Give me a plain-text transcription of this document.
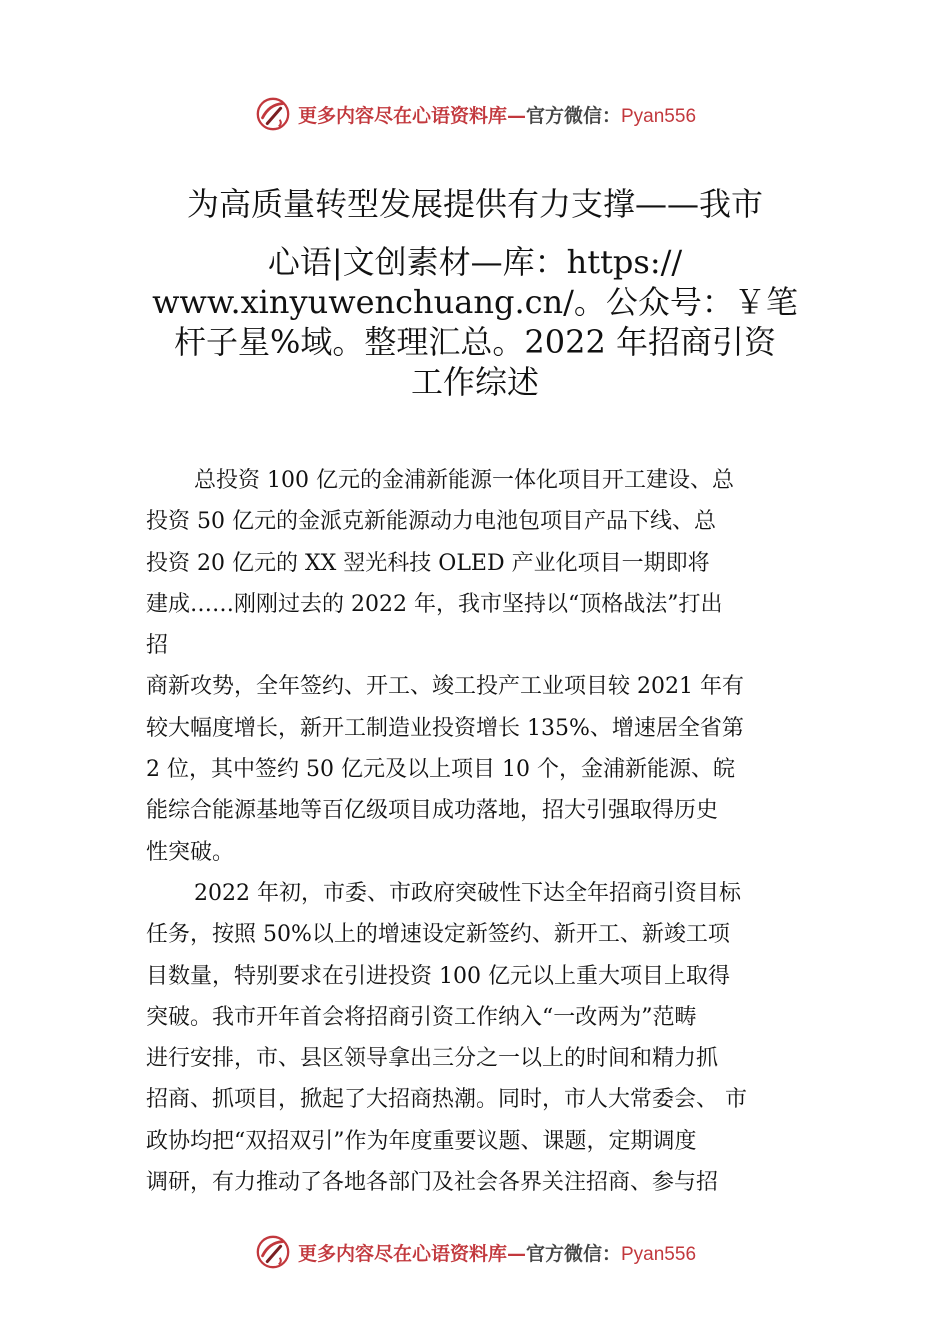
更多内容尽在心语资料库—官方微信：Pyan556
为高质量转型发展提供有力支撑——我市
心语|文创素材—库：https://
www.xinyuwenchuang.cn/。公众号：￥笔
杆子星%域。整理汇总。2022 年招商引资
工作综述
总投资 100 亿元的金浦新能源一体化项目开工建设、总
投资 50 亿元的金派克新能源动力电池包项目产品下线、总
投资 20 亿元的 XX 翌光科技 OLED 产业化项目一期即将
建成……刚刚过去的 2022 年，我市坚持以“顶格战法”打出
招
商新攻势，全年签约、开工、竣工投产工业项目较 2021 年有
较大幅度增长，新开工制造业投资增长 135%、增速居全省第
2 位，其中签约 50 亿元及以上项目 10 个，金浦新能源、皖
能综合能源基地等百亿级项目成功落地，招大引强取得历史
性突破。
2022 年初，市委、市政府突破性下达全年招商引资目标
任务，按照 50%以上的增速设定新签约、新开工、新竣工项
目数量，特别要求在引进投资 100 亿元以上重大项目上取得
突破。我市开年首会将招商引资工作纳入“一改两为”范畴
进行安排，市、县区领导拿出三分之一以上的时间和精力抓
招商、抓项目，掀起了大招商热潮。同时，市人大常委会、 市
政协均把“双招双引”作为年度重要议题、课题，定期调度
调研，有力推动了各地各部门及社会各界关注招商、参与招
更多内容尽在心语资料库—官方微信：Pyan556
